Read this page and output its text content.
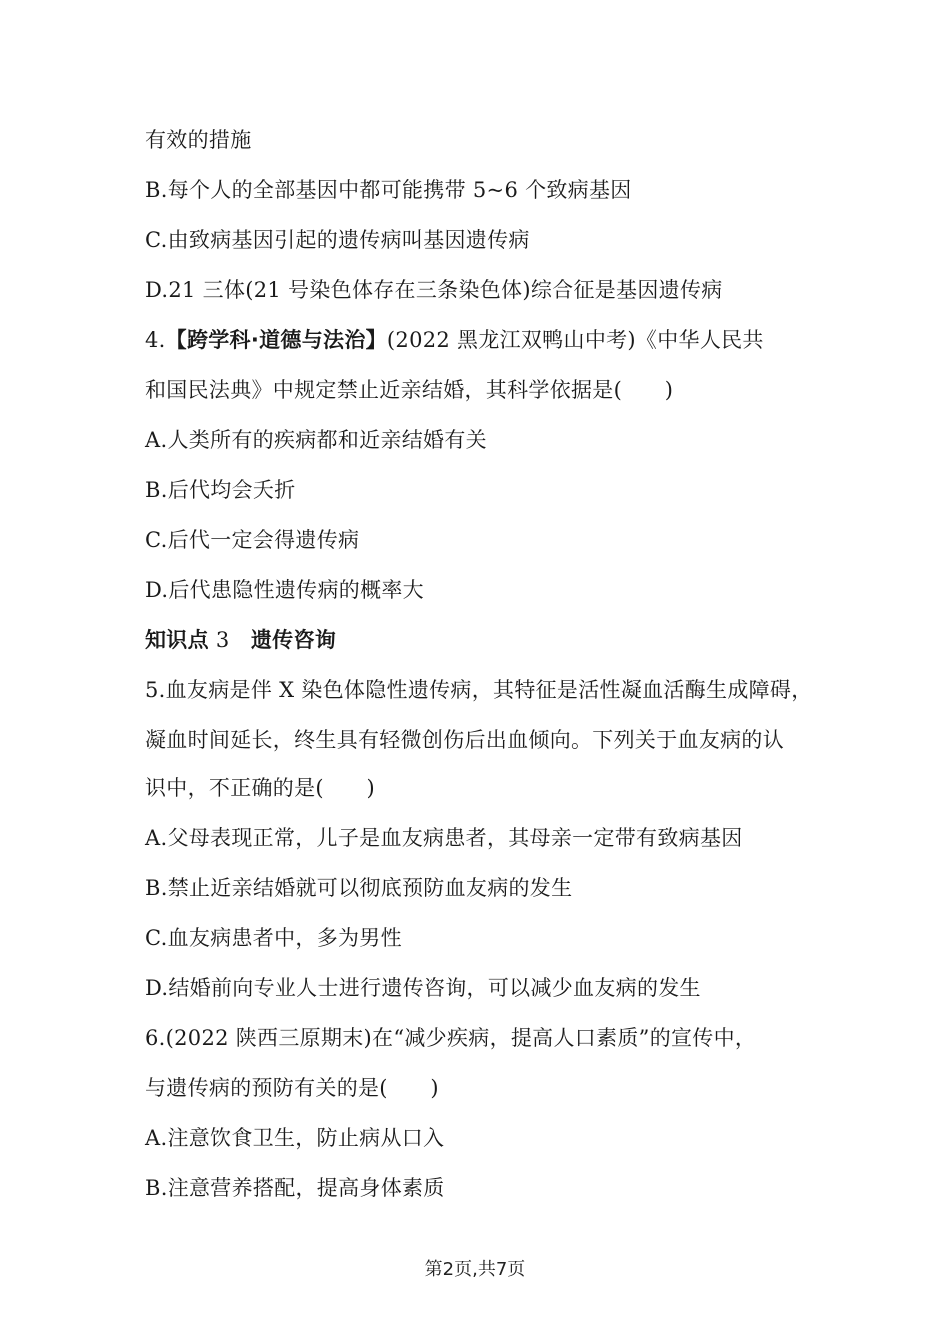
有效的措施
B.每个人的全部基因中都可能携带 5~6 个致病基因
C.由致病基因引起的遗传病叫基因遗传病
D.21 三体(21 号染色体存在三条染色体)综合征是基因遗传病
4.【跨学科·道德与法治】(2022 黑龙江双鸭山中考)《中华人民共
和国民法典》中规定禁止近亲结婚，其科学依据是(　　)
A.人类所有的疾病都和近亲结婚有关
B.后代均会夭折
C.后代一定会得遗传病
D.后代患隐性遗传病的概率大
知识点 3　遗传咨询
5.血友病是伴 X 染色体隐性遗传病，其特征是活性凝血活酶生成障碍，
凝血时间延长，终生具有轻微创伤后出血倾向。下列关于血友病的认
识中，不正确的是(　　)
A.父母表现正常，儿子是血友病患者，其母亲一定带有致病基因
B.禁止近亲结婚就可以彻底预防血友病的发生
C.血友病患者中，多为男性
D.结婚前向专业人士进行遗传咨询，可以减少血友病的发生
6.(2022 陕西三原期末)在“减少疾病，提高人口素质”的宣传中，
与遗传病的预防有关的是(　　)
A.注意饮食卫生，防止病从口入
B.注意营养搭配，提高身体素质
第2页,共7页
